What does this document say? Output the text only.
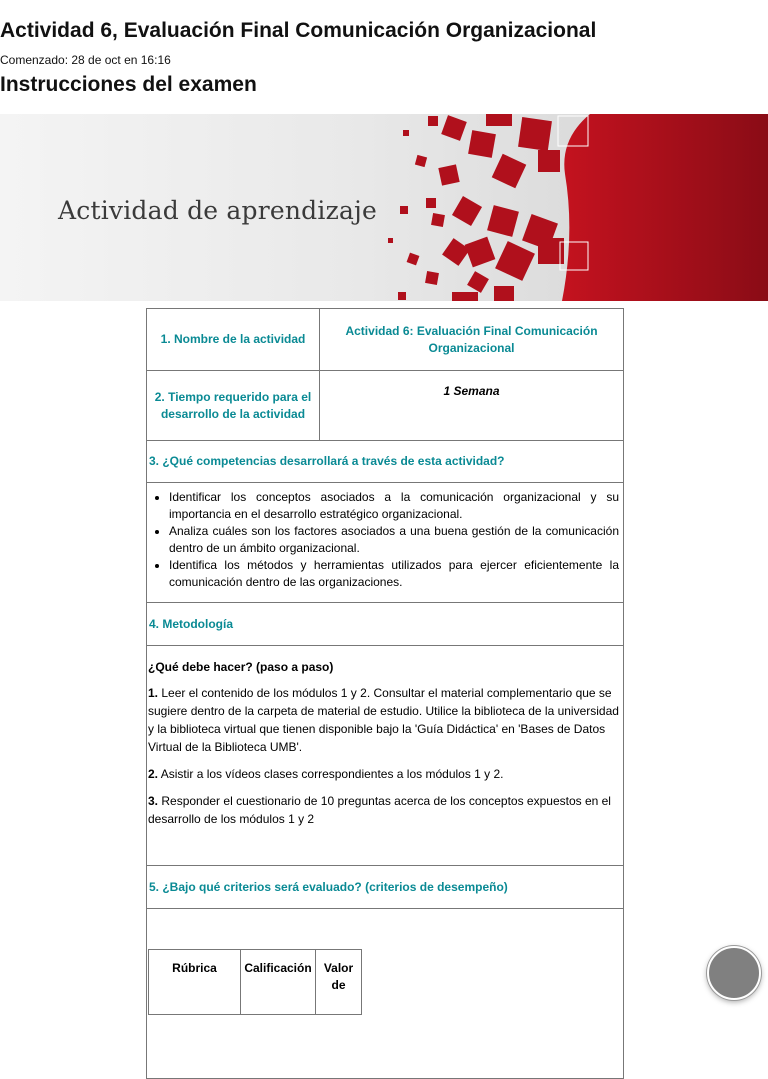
Actividad 6, Evaluación Final Comunicación Organizacional
Comenzado: 28 de oct en 16:16
Instrucciones del examen
Actividad de aprendizaje
1. Nombre de la actividad	Actividad 6: Evaluación Final Comunicación Organizacional
2. Tiempo requerido para el desarrollo de la actividad	1 Semana
3. ¿Qué competencias desarrollará a través de esta actividad?

• Identificar los conceptos asociados a la comunicación organizacional y su importancia en el desarrollo estratégico organizacional.
• Analiza cuáles son los factores asociados a una buena gestión de la comunicación dentro de un ámbito organizacional.
• Identifica los métodos y herramientas utilizados para ejercer eficientemente la comunicación dentro de las organizaciones.

4. Metodología

¿Qué debe hacer? (paso a paso)

1. Leer el contenido de los módulos 1 y 2. Consultar el material complementario que se sugiere dentro de la carpeta de material de estudio. Utilice la biblioteca de la universidad y la biblioteca virtual que tienen disponible bajo la 'Guía Didáctica' en 'Bases de Datos Virtual de la Biblioteca UMB'.

2. Asistir a los vídeos clases correspondientes a los módulos 1 y 2.

3. Responder el cuestionario de 10 preguntas acerca de los conceptos expuestos en el desarrollo de los módulos 1 y 2

5. ¿Bajo qué criterios será evaluado? (criterios de desempeño)

Rúbrica	Calificación	Valor de
